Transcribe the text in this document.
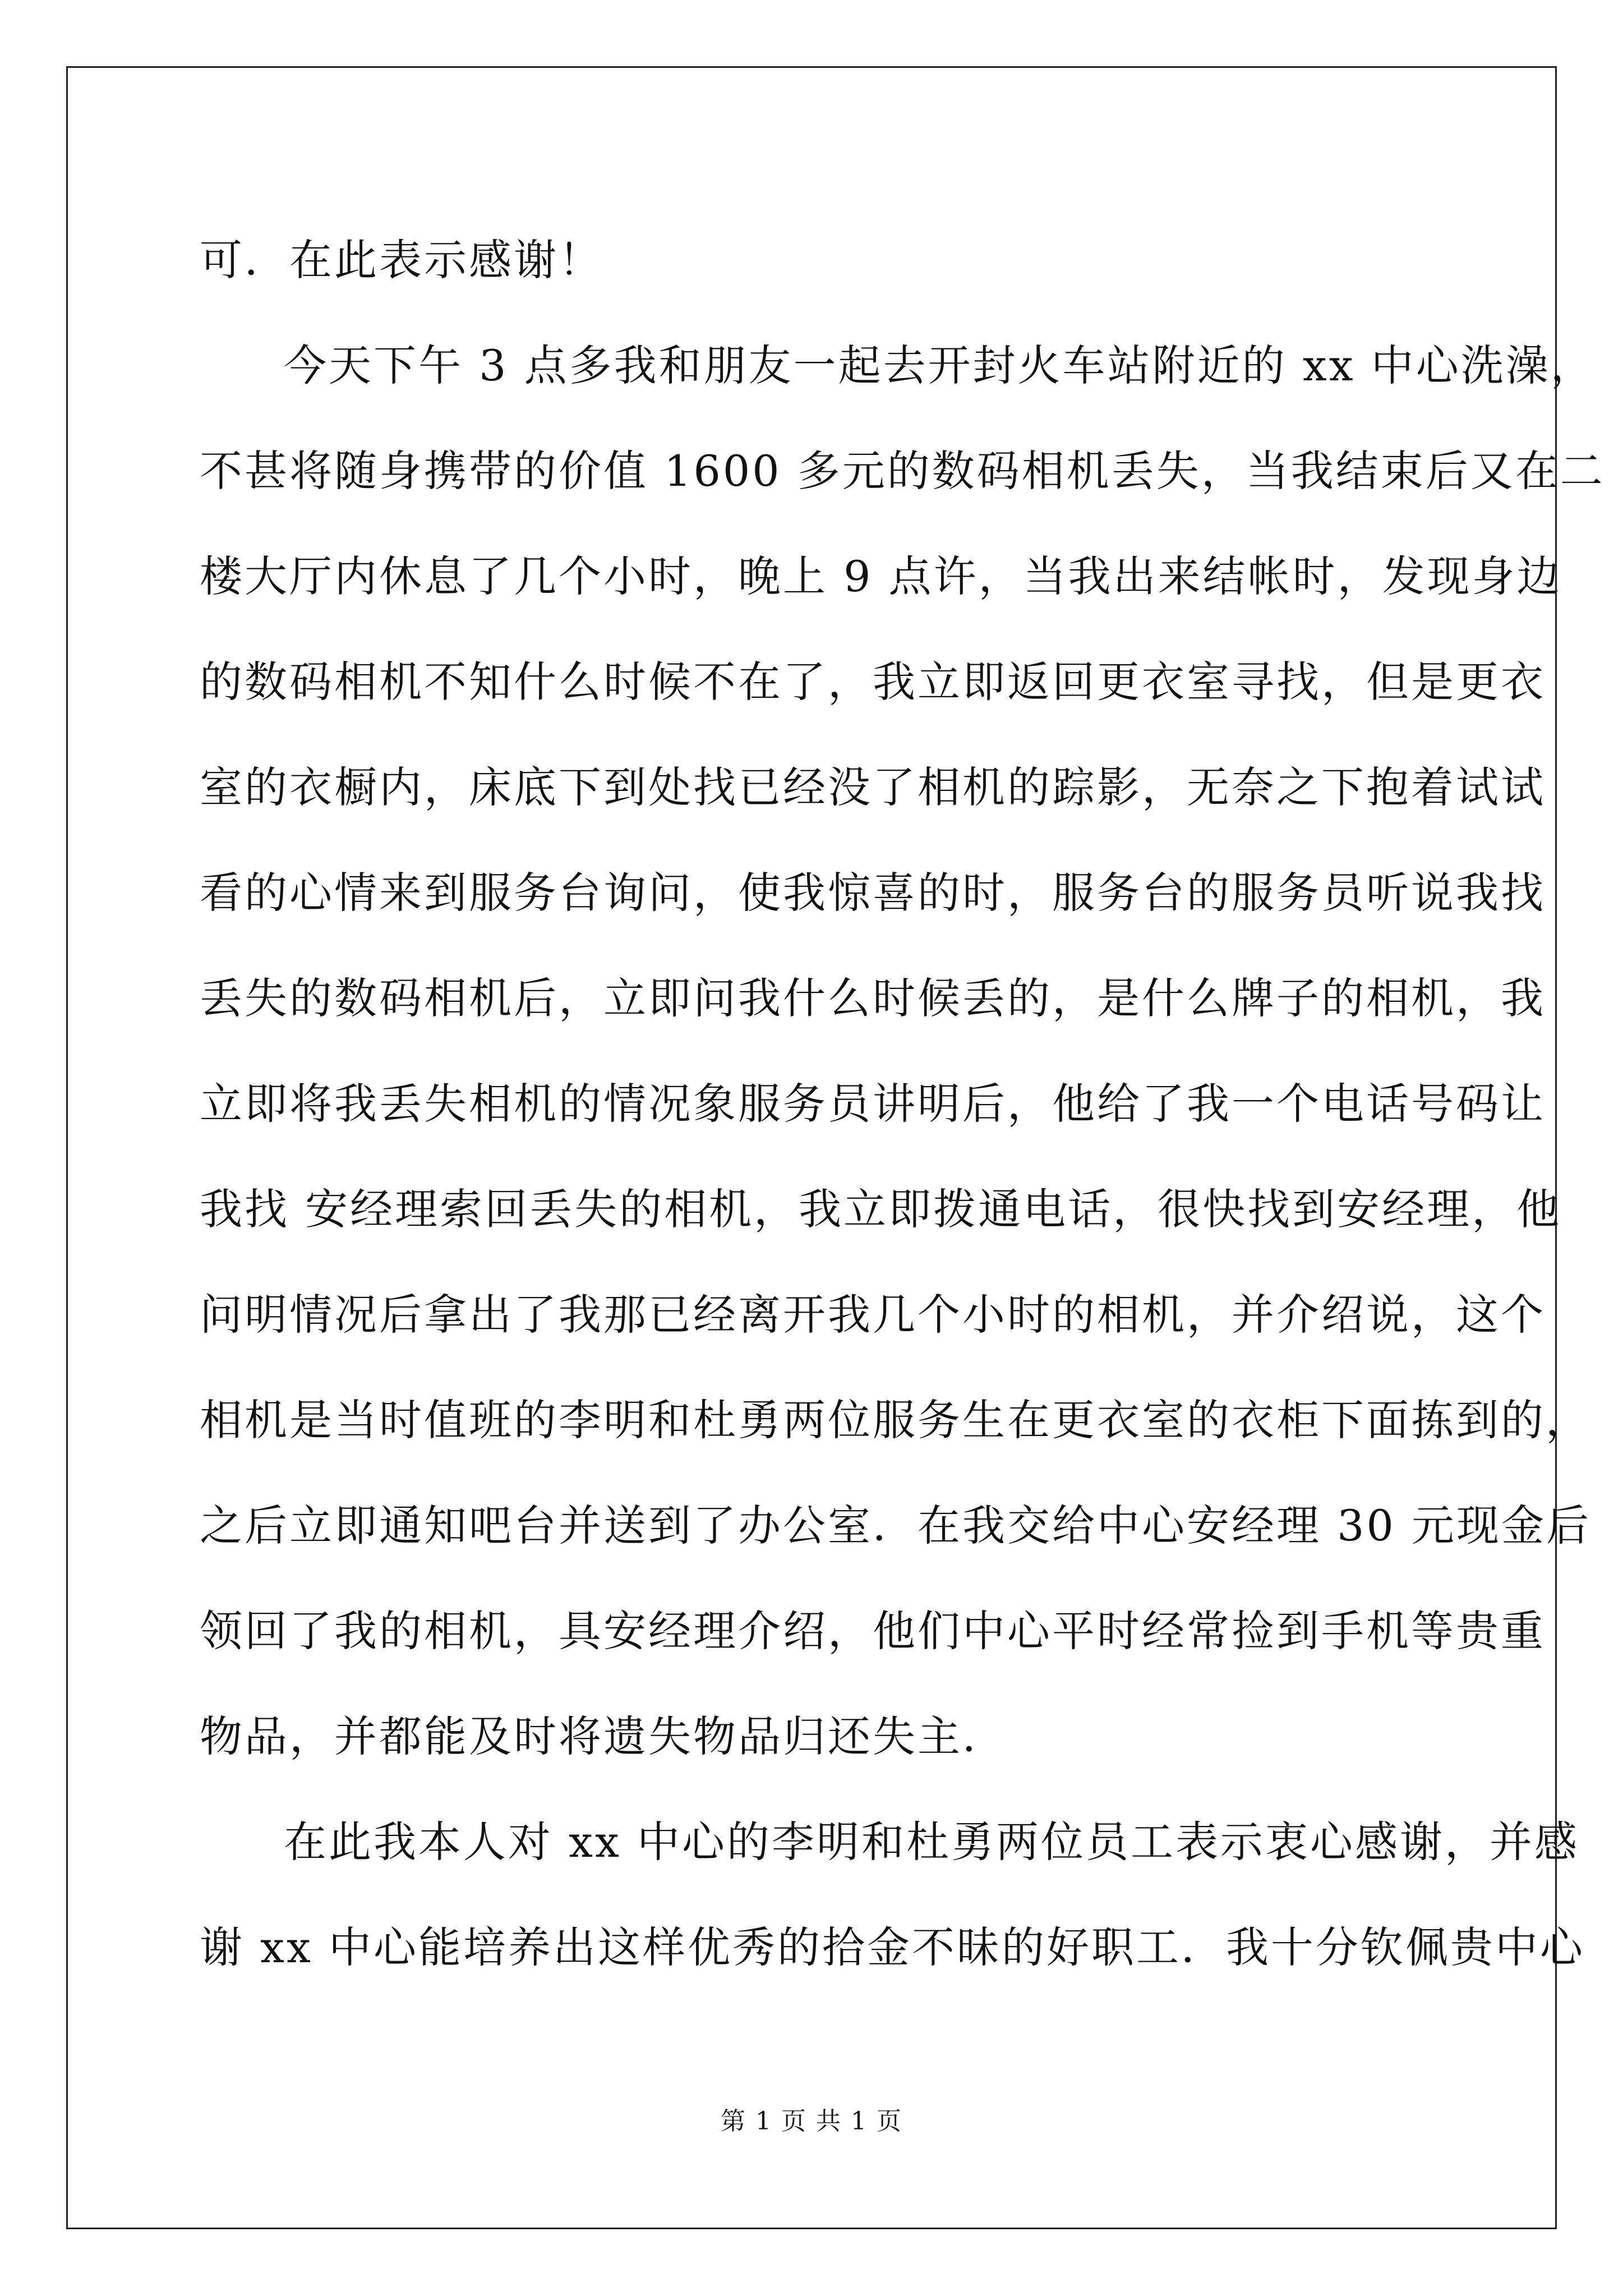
可．在此表示感谢！
今天下午 3 点多我和朋友一起去开封火车站附近的 xx 中心洗澡，
不甚将随身携带的价值 1600 多元的数码相机丢失，当我结束后又在二
楼大厅内休息了几个小时，晚上 9 点许，当我出来结帐时，发现身边
的数码相机不知什么时候不在了，我立即返回更衣室寻找，但是更衣
室的衣橱内，床底下到处找已经没了相机的踪影，无奈之下抱着试试
看的心情来到服务台询问，使我惊喜的时，服务台的服务员听说我找
丢失的数码相机后，立即问我什么时候丢的，是什么牌子的相机，我
立即将我丢失相机的情况象服务员讲明后，他给了我一个电话号码让
我找 安经理索回丢失的相机，我立即拨通电话，很快找到安经理，他
问明情况后拿出了我那已经离开我几个小时的相机，并介绍说，这个
相机是当时值班的李明和杜勇两位服务生在更衣室的衣柜下面拣到的，
之后立即通知吧台并送到了办公室．在我交给中心安经理 30 元现金后
领回了我的相机，具安经理介绍，他们中心平时经常捡到手机等贵重
物品，并都能及时将遗失物品归还失主．
在此我本人对 xx 中心的李明和杜勇两位员工表示衷心感谢，并感
谢 xx 中心能培养出这样优秀的拾金不昧的好职工．我十分钦佩贵中心
第 1 页 共 1 页
